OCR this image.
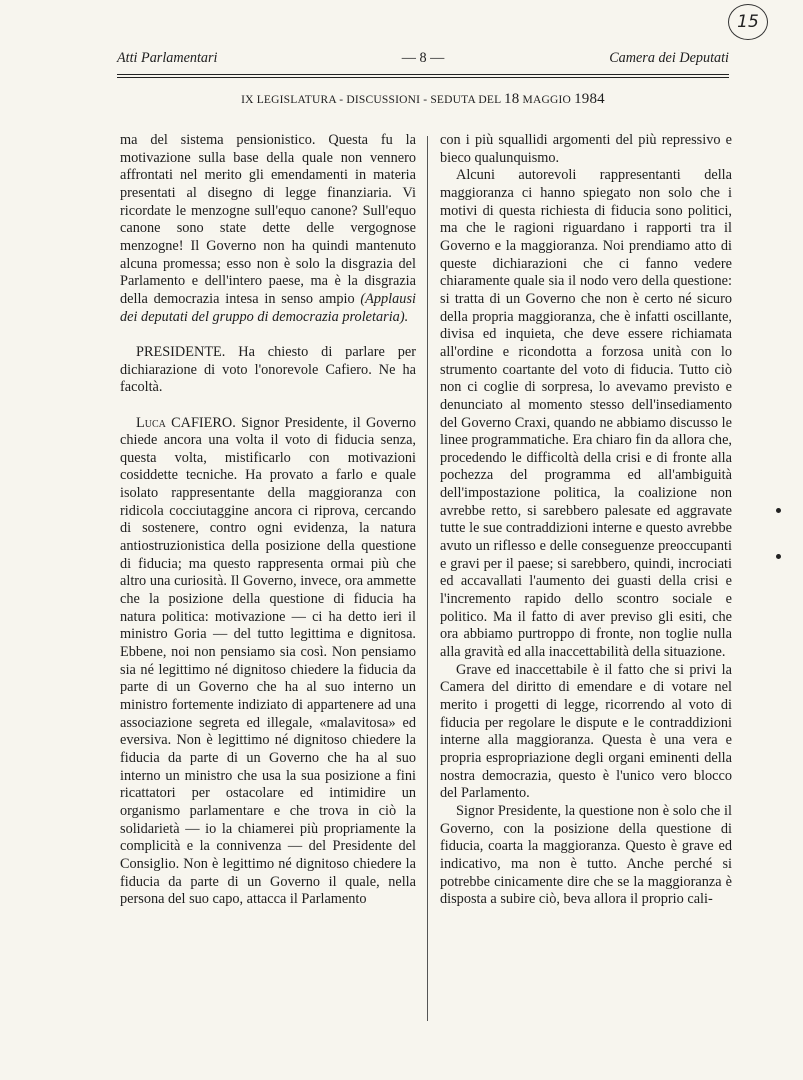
15
Atti Parlamentari	— 8 —	Camera dei Deputati
IX LEGISLATURA - DISCUSSIONI - SEDUTA DEL 18 MAGGIO 1984

ma del sistema pensionistico. Questa fu la motivazione sulla base della quale non vennero affrontati nel merito gli emendamenti in materia presentati al disegno di legge finanziaria. Vi ricordate le menzogne sull'equo canone? Sull'equo canone sono state dette delle vergognose menzogne! Il Governo non ha quindi mantenuto alcuna promessa; esso non è solo la disgrazia del Parlamento e dell'intero paese, ma è la disgrazia della democrazia intesa in senso ampio (Applausi dei deputati del gruppo di democrazia proletaria).

PRESIDENTE. Ha chiesto di parlare per dichiarazione di voto l'onorevole Cafiero. Ne ha facoltà.

Luca CAFIERO. Signor Presidente, il Governo chiede ancora una volta il voto di fiducia senza, questa volta, mistificarlo con motivazioni cosiddette tecniche. Ha provato a farlo e quale isolato rappresentante della maggioranza con ridicola cocciutaggine ancora ci riprova, cercando di sostenere, contro ogni evidenza, la natura antiostruzionistica della posizione della questione di fiducia; ma questo rappresenta ormai più che altro una curiosità. Il Governo, invece, ora ammette che la posizione della questione di fiducia ha natura politica: motivazione — ci ha detto ieri il ministro Goria — del tutto legittima e dignitosa. Ebbene, noi non pensiamo sia così. Non pensiamo sia né legittimo né dignitoso chiedere la fiducia da parte di un Governo che ha al suo interno un ministro fortemente indiziato di appartenere ad una associazione segreta ed illegale, «malavitosa» ed eversiva. Non è legittimo né dignitoso chiedere la fiducia da parte di un Governo che ha al suo interno un ministro che usa la sua posizione a fini ricattatori per ostacolare ed intimidire un organismo parlamentare e che trova in ciò la solidarietà — io la chiamerei più propriamente la complicità e la connivenza — del Presidente del Consiglio. Non è legittimo né dignitoso chiedere la fiducia da parte di un Governo il quale, nella persona del suo capo, attacca il Parlamento

con i più squallidi argomenti del più repressivo e bieco qualunquismo.

Alcuni autorevoli rappresentanti della maggioranza ci hanno spiegato non solo che i motivi di questa richiesta di fiducia sono politici, ma che le ragioni riguardano i rapporti tra il Governo e la maggioranza. Noi prendiamo atto di queste dichiarazioni che ci fanno vedere chiaramente quale sia il nodo vero della questione: si tratta di un Governo che non è certo né sicuro della propria maggioranza, che è infatti oscillante, divisa ed inquieta, che deve essere richiamata all'ordine e ricondotta a forzosa unità con lo strumento coartante del voto di fiducia. Tutto ciò non ci coglie di sorpresa, lo avevamo previsto e denunciato al momento stesso dell'insediamento del Governo Craxi, quando ne abbiamo discusso le linee programmatiche. Era chiaro fin da allora che, procedendo le difficoltà della crisi e di fronte alla pochezza del programma ed all'ambiguità dell'impostazione politica, la coalizione non avrebbe retto, si sarebbero palesate ed aggravate tutte le sue contraddizioni interne e questo avrebbe avuto un riflesso e delle conseguenze preoccupanti e gravi per il paese; si sarebbero, quindi, incrociati ed accavallati l'aumento dei guasti della crisi e l'incremento rapido dello scontro sociale e politico. Ma il fatto di aver previso gli esiti, che ora abbiamo purtroppo di fronte, non toglie nulla alla gravità ed alla inaccettabilità della situazione.

Grave ed inaccettabile è il fatto che si privi la Camera del diritto di emendare e di votare nel merito i progetti di legge, ricorrendo al voto di fiducia per regolare le dispute e le contraddizioni interne alla maggioranza. Questa è una vera e propria espropriazione degli organi eminenti della nostra democrazia, questo è l'unico vero blocco del Parlamento.

Signor Presidente, la questione non è solo che il Governo, con la posizione della questione di fiducia, coarta la maggioranza. Questo è grave ed indicativo, ma non è tutto. Anche perché si potrebbe cinicamente dire che se la maggioranza è disposta a subire ciò, beva allora il proprio cali-
